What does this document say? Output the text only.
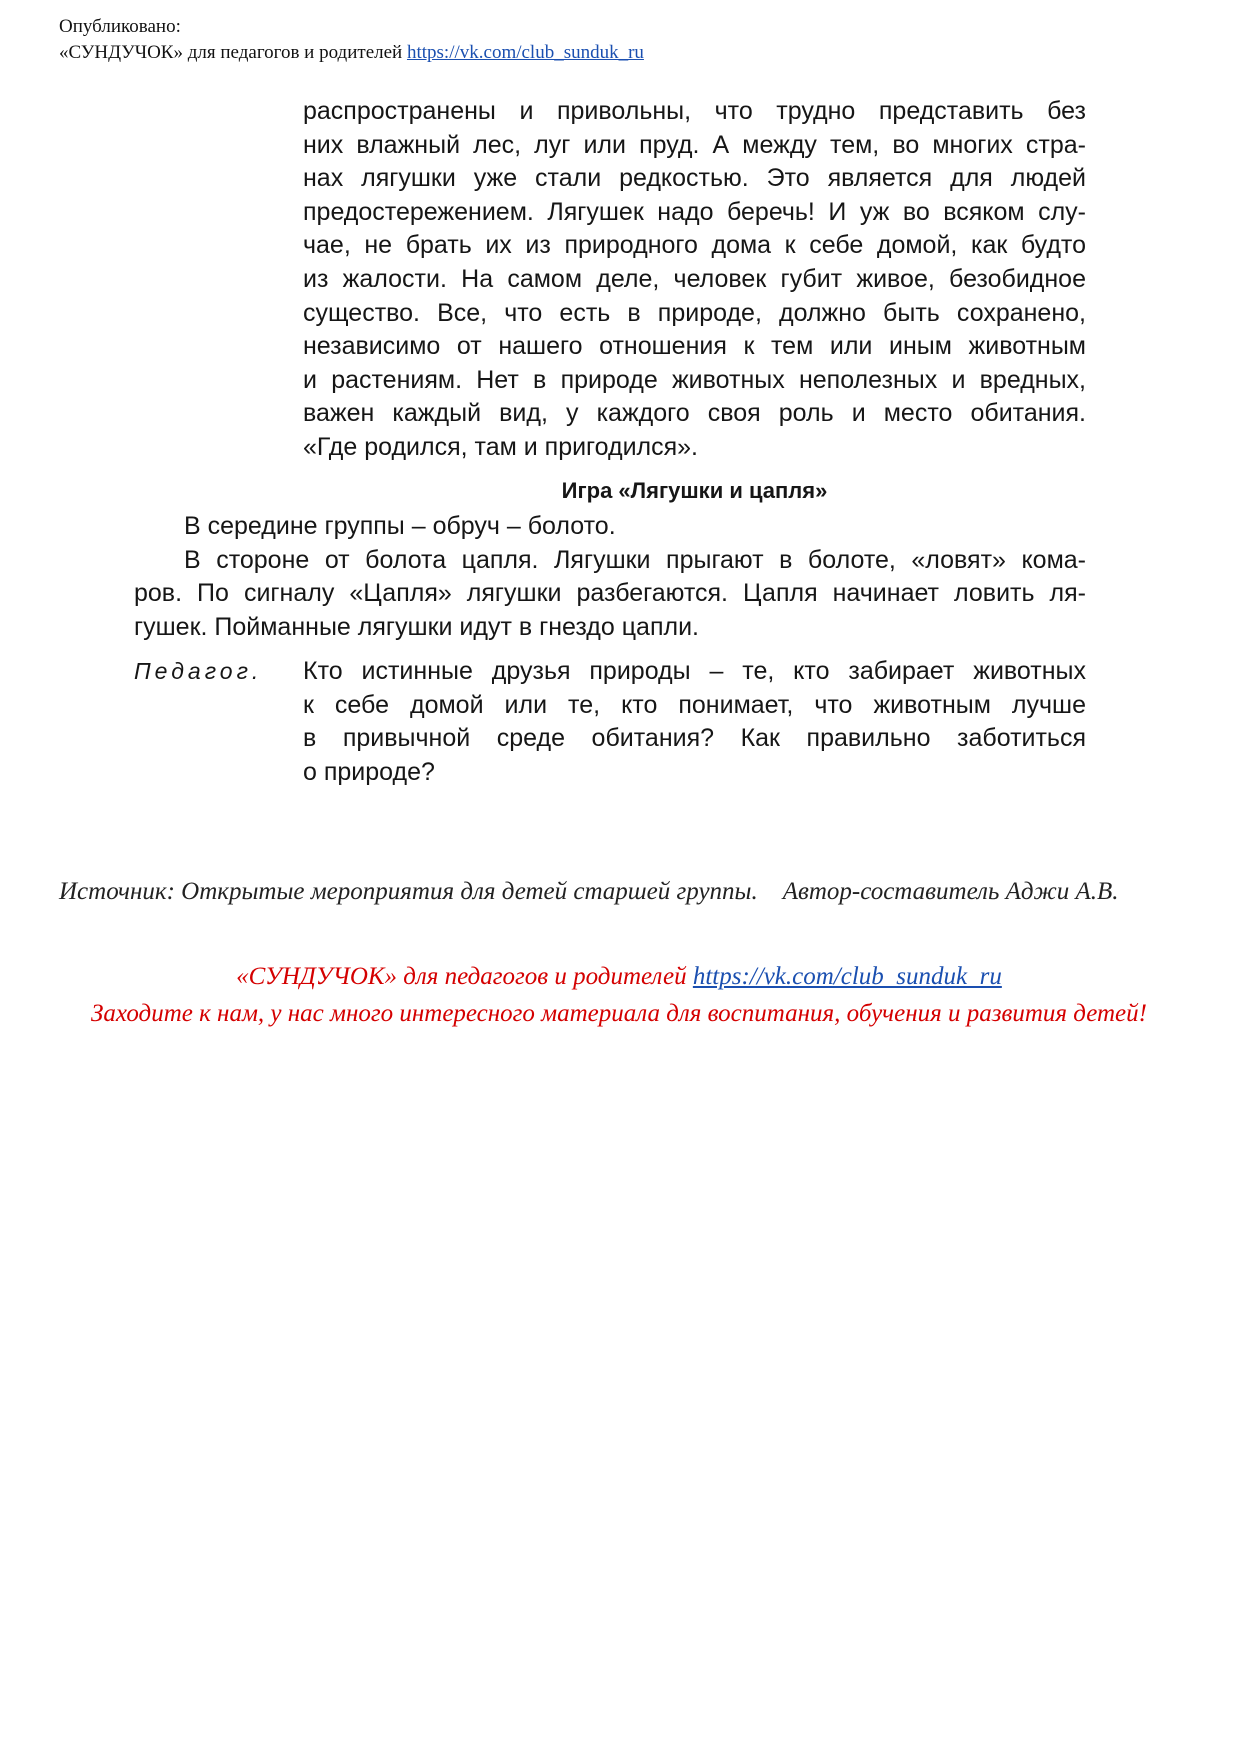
Опубликовано:
«СУНДУЧОК» для педагогов и родителей https://vk.com/club_sunduk_ru
распространены и привольны, что трудно представить без
них влажный лес, луг или пруд. А между тем, во многих стра-
нах лягушки уже стали редкостью. Это является для людей
предостережением. Лягушек надо беречь! И уж во всяком слу-
чае, не брать их из природного дома к себе домой, как будто
из жалости. На самом деле, человек губит живое, безобидное
существо. Все, что есть в природе, должно быть сохранено,
независимо от нашего отношения к тем или иным животным
и растениям. Нет в природе животных неполезных и вредных,
важен каждый вид, у каждого своя роль и место обитания.
«Где родился, там и пригодился».
Игра «Лягушки и цапля»

В середине группы – обруч – болото.

В стороне от болота цапля. Лягушки прыгают в болоте, «ловят» кома-
ров. По сигналу «Цапля» лягушки разбегаются. Цапля начинает ловить ля-
гушек. Пойманные лягушки идут в гнездо цапли.
Педагог. Кто истинные друзья природы – те, кто забирает животных
к себе домой или те, кто понимает, что животным лучше
в привычной среде обитания? Как правильно заботиться
о природе?
Источник: Открытые мероприятия для детей старшей группы. Автор-составитель Аджи А.В.
«СУНДУЧОК» для педагогов и родителей https://vk.com/club_sunduk_ru
Заходите к нам, у нас много интересного материала для воспитания, обучения и развития детей!
